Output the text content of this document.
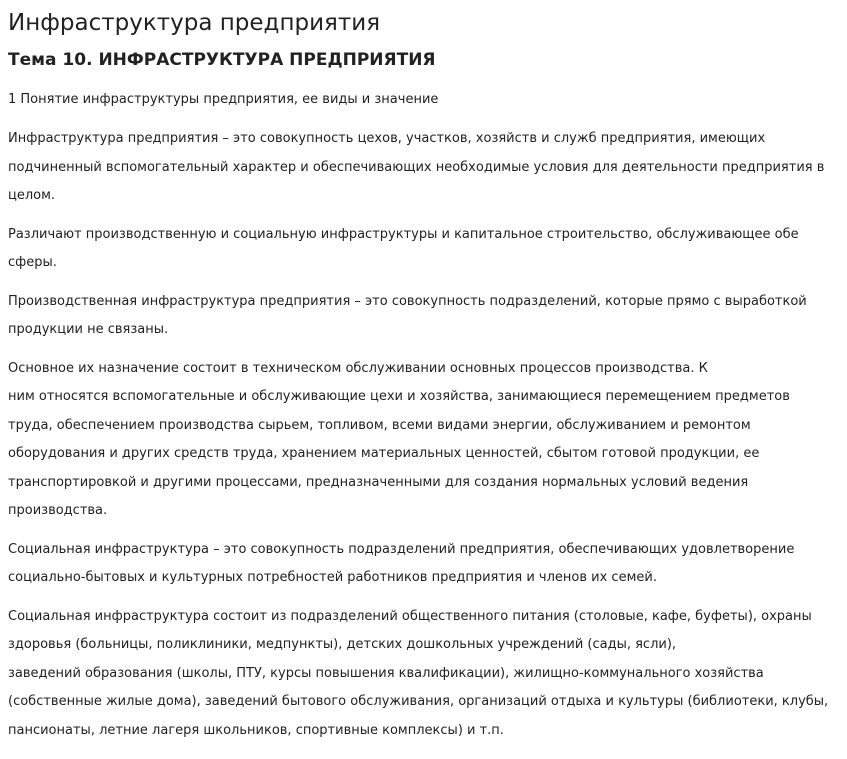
Инфраструктура предприятия
Тема 10. ИНФРАСТРУКТУРА ПРЕДПРИЯТИЯ

1 Понятие инфраструктуры предприятия, ее виды и значение

Инфраструктура предприятия – это совокупность цехов, участков, хозяйств и служб предприятия, имеющих
подчиненный вспомогательный характер и обеспечивающих необходимые условия для деятельности предприятия в
целом.

Различают производственную и социальную инфраструктуры и капитальное строительство, обслуживающее обе
сферы.

Производственная инфраструктура предприятия – это совокупность подразделений, которые прямо с выработкой
продукции не связаны.

Основное их назначение состоит в техническом обслуживании основных процессов производства. К
ним относятся вспомогательные и обслуживающие цехи и хозяйства, занимающиеся перемещением предметов
труда, обеспечением производства сырьем, топливом, всеми видами энергии, обслуживанием и ремонтом
оборудования и других средств труда, хранением материальных ценностей, сбытом готовой продукции, ее
транспортировкой и другими процессами, предназначенными для создания нормальных условий ведения
производства.

Социальная инфраструктура – это совокупность подразделений предприятия, обеспечивающих удовлетворение
социально-бытовых и культурных потребностей работников предприятия и членов их семей.

Социальная инфраструктура состоит из подразделений общественного питания (столовые, кафе, буфеты), охраны
здоровья (больницы, поликлиники, медпункты), детских дошкольных учреждений (сады, ясли),
заведений образования (школы, ПТУ, курсы повышения квалификации), жилищно-коммунального хозяйства
(собственные жилые дома), заведений бытового обслуживания, организаций отдыха и культуры (библиотеки, клубы,
пансионаты, летние лагеря школьников, спортивные комплексы) и т.п.
